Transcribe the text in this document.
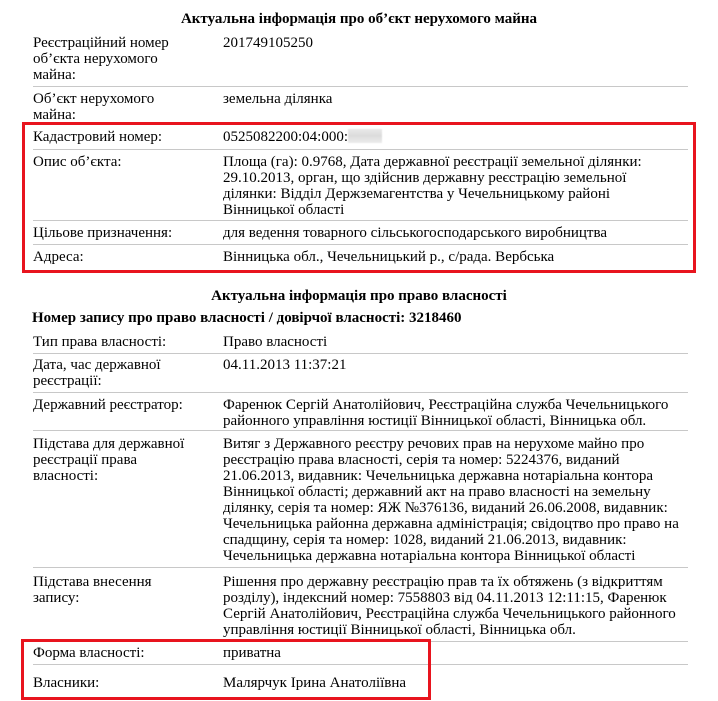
Актуальна інформація про об’єкт нерухомого майна
Реєстраційний номер об’єкта нерухомого майна:
201749105250
Об’єкт нерухомого майна:
земельна ділянка
Кадастровий номер:	0525082200:04:000:
Опис об’єкта:	Площа (га): 0.9768, Дата державної реєстрації земельної ділянки: 29.10.2013, орган, що здійснив державну реєстрацію земельної ділянки: Відділ Держземагентства у Чечельницькому районі Вінницької області
Цільове призначення:	для ведення товарного сільськогосподарського виробництва
Адреса:	Вінницька обл., Чечельницький р., с/рада. Вербська
Актуальна інформація про право власності
Номер запису про право власності / довірчої власності: 3218460
Тип права власності:	Право власності
Дата, час державної реєстрації:
04.11.2013 11:37:21
Державний реєстратор:	Фаренюк Сергій Анатолійович, Реєстраційна служба Чечельницького районного управління юстиції Вінницької області, Вінницька обл.
Підстава для державної реєстрації права власності:
Витяг з Державного реєстру речових прав на нерухоме майно про реєстрацію права власності, серія та номер: 5224376, виданий 21.06.2013, видавник: Чечельницька державна нотаріальна контора Вінницької області; державний акт на право власності на земельну ділянку, серія та номер: ЯЖ №376136, виданий 26.06.2008, видавник: Чечельницька районна державна адміністрація; свідоцтво про право на спадщину, серія та номер: 1028, виданий 21.06.2013, видавник: Чечельницька державна нотаріальна контора Вінницької області
Підстава внесення запису:
Рішення про державну реєстрацію прав та їх обтяжень (з відкриттям розділу), індексний номер: 7558803 від 04.11.2013 12:11:15, Фаренюк Сергій Анатолійович, Реєстраційна служба Чечельницького районного управління юстиції Вінницької області, Вінницька обл.
Форма власності:	приватна
Власники:	Малярчук Ірина Анатоліївна
